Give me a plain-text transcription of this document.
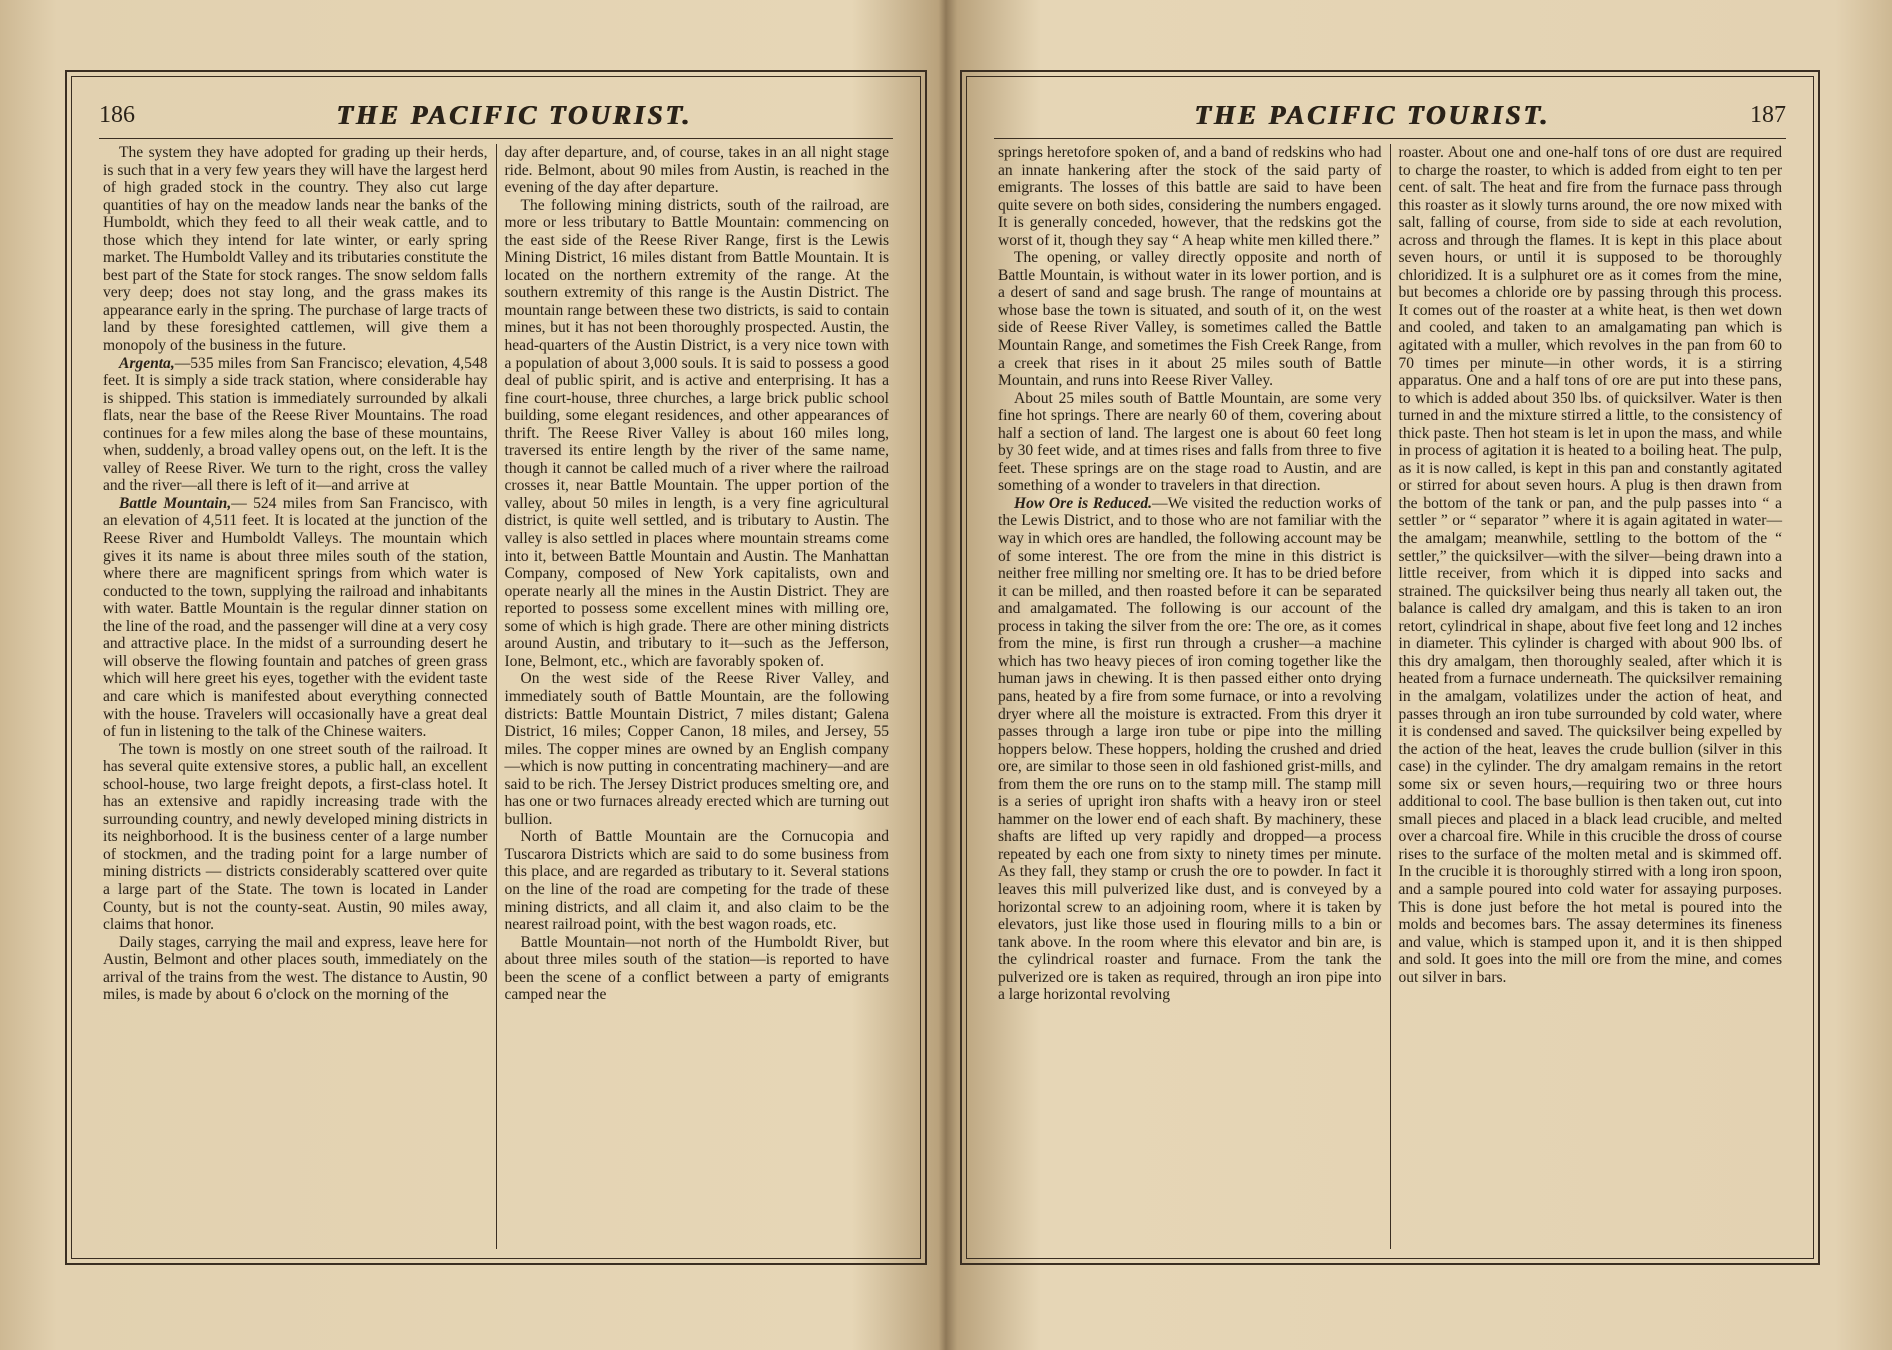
186	THE PACIFIC TOURIST.

The system they have adopted for grading up their herds, is such that in a very few years they will have the largest herd of high graded stock in the country. They also cut large quantities of hay on the meadow lands near the banks of the Humboldt, which they feed to all their weak cattle, and to those which they intend for late winter, or early spring market. The Humboldt Valley and its tributaries constitute the best part of the State for stock ranges. The snow seldom falls very deep; does not stay long, and the grass makes its appearance early in the spring. The purchase of large tracts of land by these foresighted cattlemen, will give them a monopoly of the business in the future.

Argenta,—535 miles from San Francisco; elevation, 4,548 feet. It is simply a side track station, where considerable hay is shipped. This station is immediately surrounded by alkali flats, near the base of the Reese River Mountains. The road continues for a few miles along the base of these mountains, when, suddenly, a broad valley opens out, on the left. It is the valley of Reese River. We turn to the right, cross the valley and the river—all there is left of it—and arrive at

Battle Mountain,— 524 miles from San Francisco, with an elevation of 4,511 feet. It is located at the junction of the Reese River and Humboldt Valleys. The mountain which gives it its name is about three miles south of the station, where there are magnificent springs from which water is conducted to the town, supplying the railroad and inhabitants with water. Battle Mountain is the regular dinner station on the line of the road, and the passenger will dine at a very cosy and attractive place. In the midst of a surrounding desert he will observe the flowing fountain and patches of green grass which will here greet his eyes, together with the evident taste and care which is manifested about everything connected with the house. Travelers will occasionally have a great deal of fun in listening to the talk of the Chinese waiters.

The town is mostly on one street south of the railroad. It has several quite extensive stores, a public hall, an excellent school-house, two large freight depots, a first-class hotel. It has an extensive and rapidly increasing trade with the surrounding country, and newly developed mining districts in its neighborhood. It is the business center of a large number of stockmen, and the trading point for a large number of mining districts — districts considerably scattered over quite a large part of the State. The town is located in Lander County, but is not the county-seat. Austin, 90 miles away, claims that honor.

Daily stages, carrying the mail and express, leave here for Austin, Belmont and other places south, immediately on the arrival of the trains from the west. The distance to Austin, 90 miles, is made by about 6 o'clock on the morning of the

day after departure, and, of course, takes in an all night stage ride. Belmont, about 90 miles from Austin, is reached in the evening of the day after departure.

The following mining districts, south of the railroad, are more or less tributary to Battle Mountain: commencing on the east side of the Reese River Range, first is the Lewis Mining District, 16 miles distant from Battle Mountain. It is located on the northern extremity of the range. At the southern extremity of this range is the Austin District. The mountain range between these two districts, is said to contain mines, but it has not been thoroughly prospected. Austin, the head-quarters of the Austin District, is a very nice town with a population of about 3,000 souls. It is said to possess a good deal of public spirit, and is active and enterprising. It has a fine court-house, three churches, a large brick public school building, some elegant residences, and other appearances of thrift. The Reese River Valley is about 160 miles long, traversed its entire length by the river of the same name, though it cannot be called much of a river where the railroad crosses it, near Battle Mountain. The upper portion of the valley, about 50 miles in length, is a very fine agricultural district, is quite well settled, and is tributary to Austin. The valley is also settled in places where mountain streams come into it, between Battle Mountain and Austin. The Manhattan Company, composed of New York capitalists, own and operate nearly all the mines in the Austin District. They are reported to possess some excellent mines with milling ore, some of which is high grade. There are other mining districts around Austin, and tributary to it—such as the Jefferson, Ione, Belmont, etc., which are favorably spoken of.

On the west side of the Reese River Valley, and immediately south of Battle Mountain, are the following districts: Battle Mountain District, 7 miles distant; Galena District, 16 miles; Copper Canon, 18 miles, and Jersey, 55 miles. The copper mines are owned by an English company—which is now putting in concentrating machinery—and are said to be rich. The Jersey District produces smelting ore, and has one or two furnaces already erected which are turning out bullion.

North of Battle Mountain are the Cornucopia and Tuscarora Districts which are said to do some business from this place, and are regarded as tributary to it. Several stations on the line of the road are competing for the trade of these mining districts, and all claim it, and also claim to be the nearest railroad point, with the best wagon roads, etc.

Battle Mountain—not north of the Humboldt River, but about three miles south of the station—is reported to have been the scene of a conflict between a party of emigrants camped near the

THE PACIFIC TOURIST.	187

springs heretofore spoken of, and a band of redskins who had an innate hankering after the stock of the said party of emigrants. The losses of this battle are said to have been quite severe on both sides, considering the numbers engaged. It is generally conceded, however, that the redskins got the worst of it, though they say “ A heap white men killed there.”

The opening, or valley directly opposite and north of Battle Mountain, is without water in its lower portion, and is a desert of sand and sage brush. The range of mountains at whose base the town is situated, and south of it, on the west side of Reese River Valley, is sometimes called the Battle Mountain Range, and sometimes the Fish Creek Range, from a creek that rises in it about 25 miles south of Battle Mountain, and runs into Reese River Valley.

About 25 miles south of Battle Mountain, are some very fine hot springs. There are nearly 60 of them, covering about half a section of land. The largest one is about 60 feet long by 30 feet wide, and at times rises and falls from three to five feet. These springs are on the stage road to Austin, and are something of a wonder to travelers in that direction.

How Ore is Reduced.—We visited the reduction works of the Lewis District, and to those who are not familiar with the way in which ores are handled, the following account may be of some interest. The ore from the mine in this district is neither free milling nor smelting ore. It has to be dried before it can be milled, and then roasted before it can be separated and amalgamated. The following is our account of the process in taking the silver from the ore: The ore, as it comes from the mine, is first run through a crusher—a machine which has two heavy pieces of iron coming together like the human jaws in chewing. It is then passed either onto drying pans, heated by a fire from some furnace, or into a revolving dryer where all the moisture is extracted. From this dryer it passes through a large iron tube or pipe into the milling hoppers below. These hoppers, holding the crushed and dried ore, are similar to those seen in old fashioned grist-mills, and from them the ore runs on to the stamp mill. The stamp mill is a series of upright iron shafts with a heavy iron or steel hammer on the lower end of each shaft. By machinery, these shafts are lifted up very rapidly and dropped—a process repeated by each one from sixty to ninety times per minute. As they fall, they stamp or crush the ore to powder. In fact it leaves this mill pulverized like dust, and is conveyed by a horizontal screw to an adjoining room, where it is taken by elevators, just like those used in flouring mills to a bin or tank above. In the room where this elevator and bin are, is the cylindrical roaster and furnace. From the tank the pulverized ore is taken as required, through an iron pipe into a large horizontal revolving

roaster. About one and one-half tons of ore dust are required to charge the roaster, to which is added from eight to ten per cent. of salt. The heat and fire from the furnace pass through this roaster as it slowly turns around, the ore now mixed with salt, falling of course, from side to side at each revolution, across and through the flames. It is kept in this place about seven hours, or until it is supposed to be thoroughly chloridized. It is a sulphuret ore as it comes from the mine, but becomes a chloride ore by passing through this process. It comes out of the roaster at a white heat, is then wet down and cooled, and taken to an amalgamating pan which is agitated with a muller, which revolves in the pan from 60 to 70 times per minute—in other words, it is a stirring apparatus. One and a half tons of ore are put into these pans, to which is added about 350 lbs. of quicksilver. Water is then turned in and the mixture stirred a little, to the consistency of thick paste. Then hot steam is let in upon the mass, and while in process of agitation it is heated to a boiling heat. The pulp, as it is now called, is kept in this pan and constantly agitated or stirred for about seven hours. A plug is then drawn from the bottom of the tank or pan, and the pulp passes into “ a settler ” or “ separator ” where it is again agitated in water—the amalgam; meanwhile, settling to the bottom of the “ settler,” the quicksilver—with the silver—being drawn into a little receiver, from which it is dipped into sacks and strained. The quicksilver being thus nearly all taken out, the balance is called dry amalgam, and this is taken to an iron retort, cylindrical in shape, about five feet long and 12 inches in diameter. This cylinder is charged with about 900 lbs. of this dry amalgam, then thoroughly sealed, after which it is heated from a furnace underneath. The quicksilver remaining in the amalgam, volatilizes under the action of heat, and passes through an iron tube surrounded by cold water, where it is condensed and saved. The quicksilver being expelled by the action of the heat, leaves the crude bullion (silver in this case) in the cylinder. The dry amalgam remains in the retort some six or seven hours,—requiring two or three hours additional to cool. The base bullion is then taken out, cut into small pieces and placed in a black lead crucible, and melted over a charcoal fire. While in this crucible the dross of course rises to the surface of the molten metal and is skimmed off. In the crucible it is thoroughly stirred with a long iron spoon, and a sample poured into cold water for assaying purposes. This is done just before the hot metal is poured into the molds and becomes bars. The assay determines its fineness and value, which is stamped upon it, and it is then shipped and sold. It goes into the mill ore from the mine, and comes out silver in bars.
